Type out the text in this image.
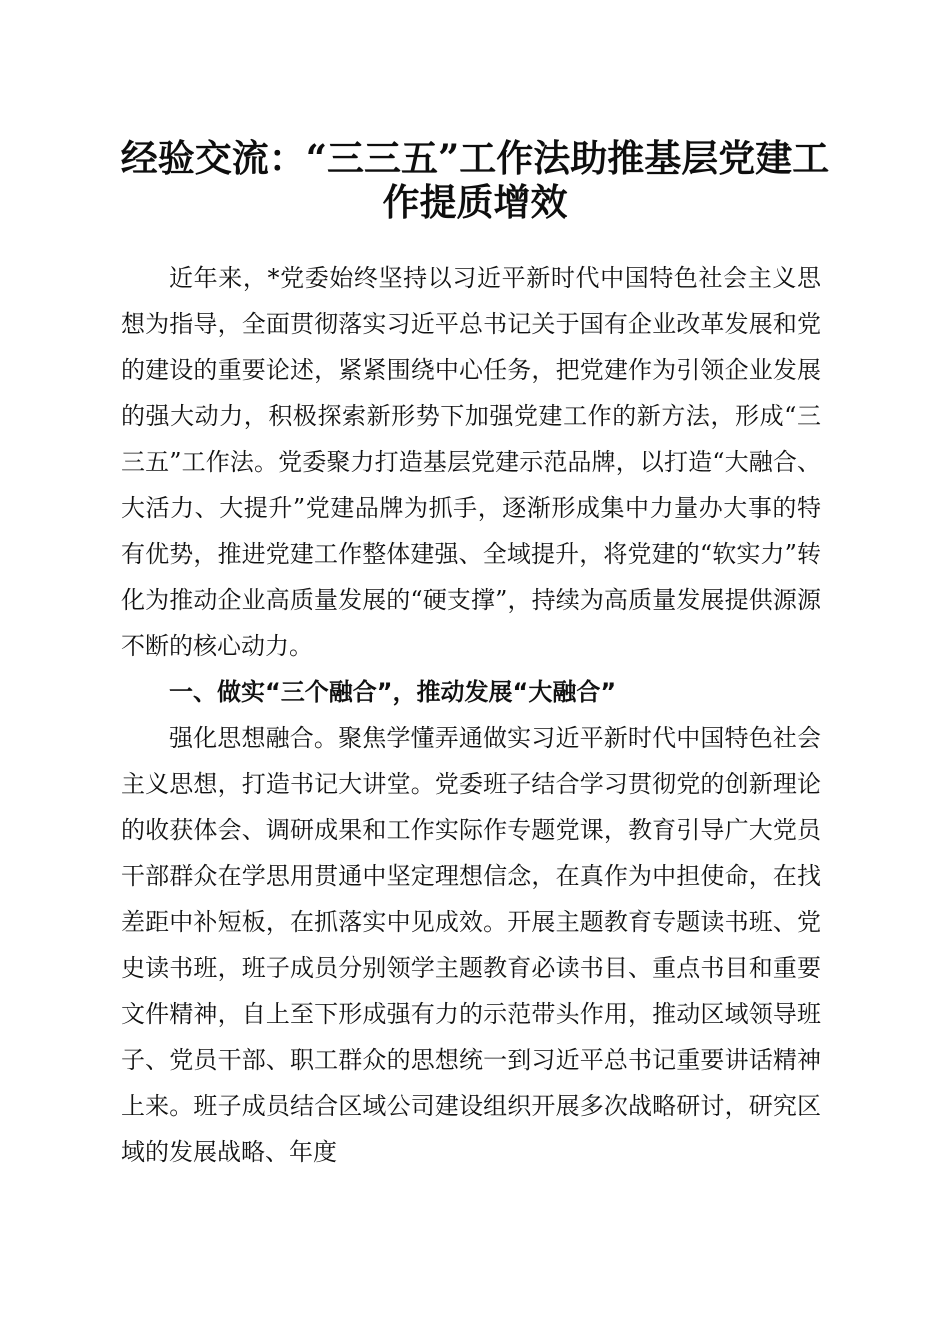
经验交流：“三三五”工作法助推基层党建工作提质增效

近年来，*党委始终坚持以习近平新时代中国特色社会主义思想为指导，全面贯彻落实习近平总书记关于国有企业改革发展和党的建设的重要论述，紧紧围绕中心任务，把党建作为引领企业发展的强大动力，积极探索新形势下加强党建工作的新方法，形成“三三五”工作法。党委聚力打造基层党建示范品牌，以打造“大融合、大活力、大提升”党建品牌为抓手，逐渐形成集中力量办大事的特有优势，推进党建工作整体建强、全域提升，将党建的“软实力”转化为推动企业高质量发展的“硬支撑”，持续为高质量发展提供源源不断的核心动力。

一、做实“三个融合”，推动发展“大融合”

强化思想融合。聚焦学懂弄通做实习近平新时代中国特色社会主义思想，打造书记大讲堂。党委班子结合学习贯彻党的创新理论的收获体会、调研成果和工作实际作专题党课，教育引导广大党员干部群众在学思用贯通中坚定理想信念，在真作为中担使命，在找差距中补短板，在抓落实中见成效。开展主题教育专题读书班、党史读书班，班子成员分别领学主题教育必读书目、重点书目和重要文件精神，自上至下形成强有力的示范带头作用，推动区域领导班子、党员干部、职工群众的思想统一到习近平总书记重要讲话精神上来。班子成员结合区域公司建设组织开展多次战略研讨，研究区域的发展战略、年度
